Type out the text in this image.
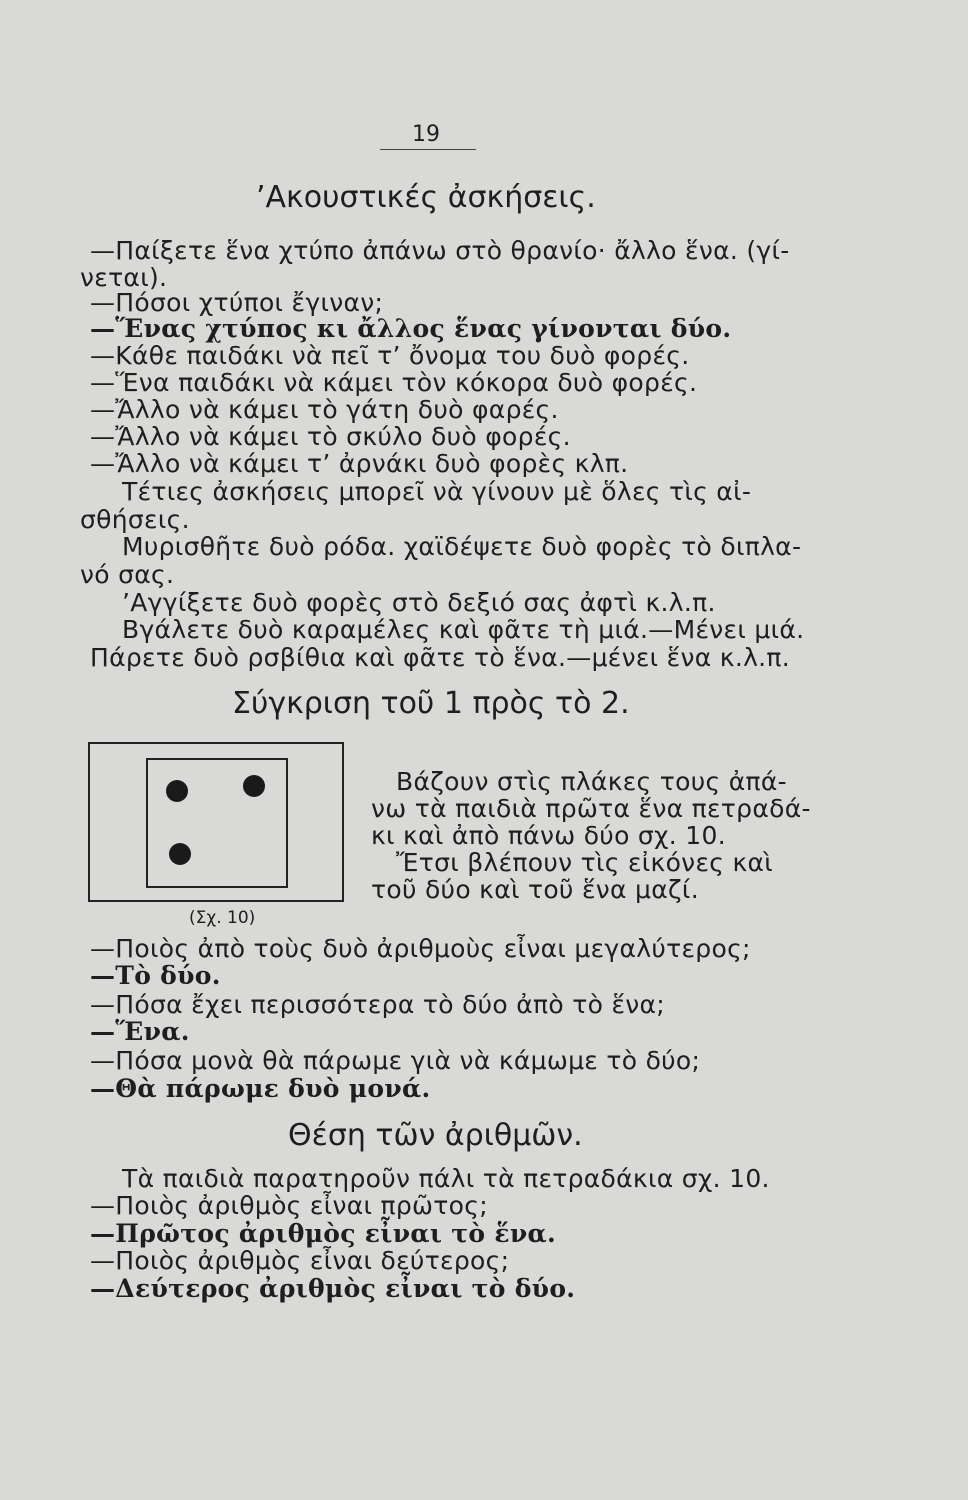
19
’Ακουστικές ἀσκήσεις.
—Παίξετε ἕνα χτύπο ἀπάνω στὸ θρανίο· ἄλλο ἕνα. (γί-
νεται).
—Πόσοι χτύποι ἔγιναν;
—Ἕνας χτύπος κι ἄλλος ἕνας γίνονται δύο.
—Κάθε παιδάκι νὰ πεῖ τ’ ὄνομα του δυὸ φορές.
—Ἕνα παιδάκι νὰ κάμει τὸν κόκορα δυὸ φορές.
—Ἄλλο νὰ κάμει τὸ γάτη δυὸ φαρές.
—Ἄλλο νὰ κάμει τὸ σκύλο δυὸ φορές.
—Ἄλλο νὰ κάμει τ’ ἀρνάκι δυὸ φορὲς κλπ.
Τέτιες ἀσκήσεις μπορεῖ νὰ γίνουν μὲ ὅλες τὶς αἰ-
σθήσεις.
Μυρισθῆτε δυὸ ρόδα. χαϊδέψετε δυὸ φορὲς τὸ διπλα-
νό σας.
’Αγγίξετε δυὸ φορὲς στὸ δεξιό σας ἀφτὶ κ.λ.π.
Βγάλετε δυὸ καραμέλες καὶ φᾶτε τὴ μιά.—Μένει μιά.
Πάρετε δυὸ ρσβίθια καὶ φᾶτε τὸ ἕνα.—μένει ἕνα κ.λ.π.
Σύγκριση τοῦ 1 πρὸς τὸ 2.
(Σχ. 10)
Βάζουν στὶς πλάκες τους ἀπά-
νω τὰ παιδιὰ πρῶτα ἕνα πετραδά-
κι καὶ ἀπὸ πάνω δύο σχ. 10.
Ἔτσι βλέπουν τὶς εἰκόνες καὶ
τοῦ δύο καὶ τοῦ ἕνα μαζί.
—Ποιὸς ἀπὸ τοὺς δυὸ ἀριθμοὺς εἶναι μεγαλύτερος;
—Τὸ δύο.
—Πόσα ἔχει περισσότερα τὸ δύο ἀπὸ τὸ ἕνα;
—Ἕνα.
—Πόσα μονὰ θὰ πάρωμε γιὰ νὰ κάμωμε τὸ δύο;
—Θὰ πάρωμε δυὸ μονά.
Θέση τῶν ἀριθμῶν.
Τὰ παιδιὰ παρατηροῦν πάλι τὰ πετραδάκια σχ. 10.
—Ποιὸς ἀριθμὸς εἶναι πρῶτος;
—Πρῶτος ἀριθμὸς εἶναι τὸ ἕνα.
—Ποιὸς ἀριθμὸς εἶναι δεύτερος;
—Δεύτερος ἀριθμὸς εἶναι τὸ δύο.
